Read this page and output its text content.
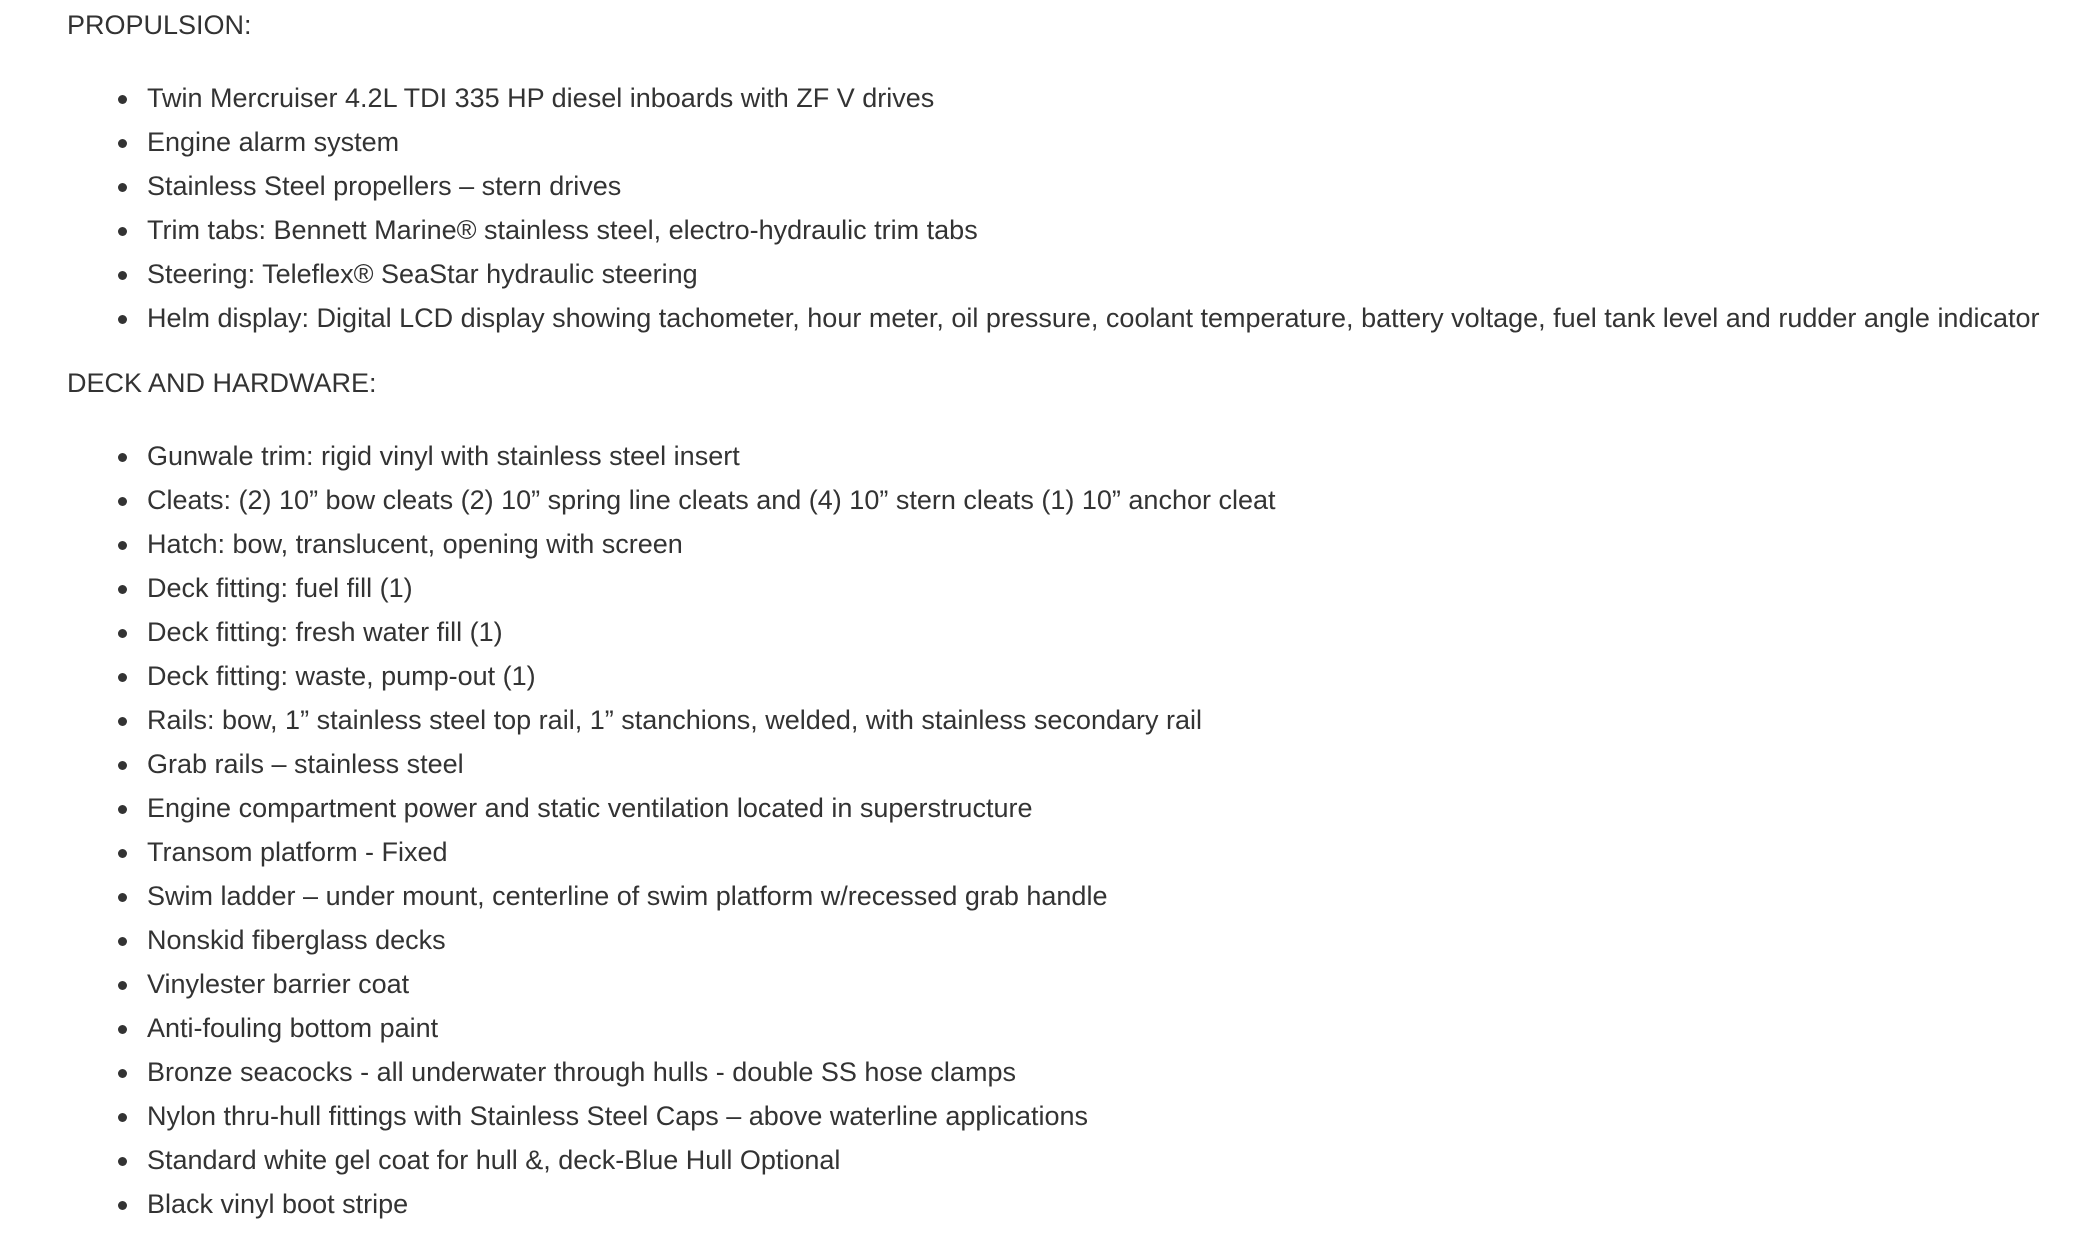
PROPULSION:
Twin Mercruiser 4.2L TDI 335 HP diesel inboards with ZF V drives
Engine alarm system
Stainless Steel propellers – stern drives
Trim tabs: Bennett Marine® stainless steel, electro-hydraulic trim tabs
Steering: Teleflex® SeaStar hydraulic steering
Helm display: Digital LCD display showing tachometer, hour meter, oil pressure, coolant temperature, battery voltage, fuel tank level and rudder angle indicator
DECK AND HARDWARE:
Gunwale trim: rigid vinyl with stainless steel insert
Cleats: (2) 10” bow cleats (2) 10” spring line cleats and (4) 10” stern cleats (1) 10” anchor cleat
Hatch: bow, translucent, opening with screen
Deck fitting: fuel fill (1)
Deck fitting: fresh water fill (1)
Deck fitting: waste, pump-out (1)
Rails: bow, 1” stainless steel top rail, 1” stanchions, welded, with stainless secondary rail
Grab rails – stainless steel
Engine compartment power and static ventilation located in superstructure
Transom platform - Fixed
Swim ladder – under mount, centerline of swim platform w/recessed grab handle
Nonskid fiberglass decks
Vinylester barrier coat
Anti-fouling bottom paint
Bronze seacocks - all underwater through hulls - double SS hose clamps
Nylon thru-hull fittings with Stainless Steel Caps – above waterline applications
Standard white gel coat for hull &, deck-Blue Hull Optional
Black vinyl boot stripe
